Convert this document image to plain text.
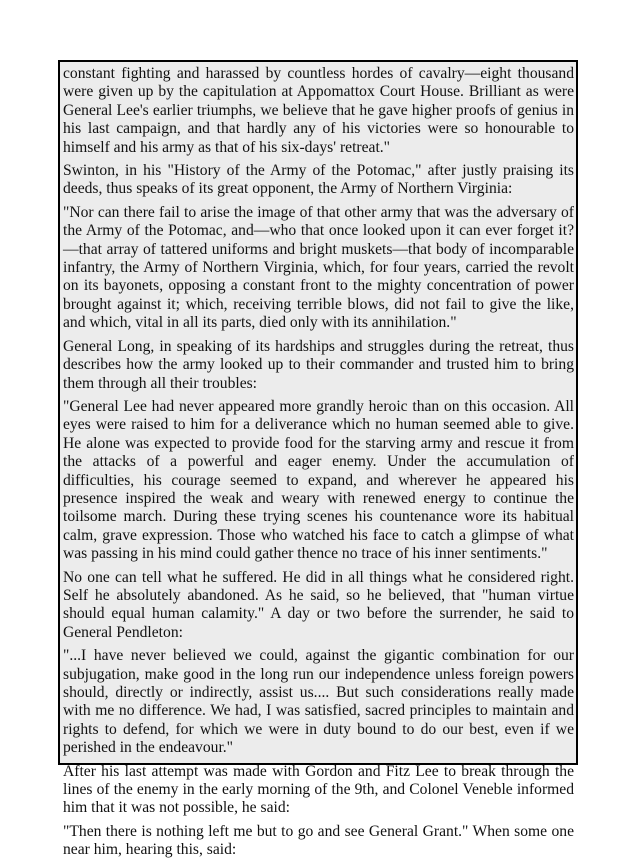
constant fighting and harassed by countless hordes of cavalry—eight thousand were given up by the capitulation at Appomattox Court House. Brilliant as were General Lee's earlier triumphs, we believe that he gave higher proofs of genius in his last campaign, and that hardly any of his victories were so honourable to himself and his army as that of his six-days' retreat."

Swinton, in his "History of the Army of the Potomac," after justly praising its deeds, thus speaks of its great opponent, the Army of Northern Virginia:

"Nor can there fail to arise the image of that other army that was the adversary of the Army of the Potomac, and—who that once looked upon it can ever forget it?—that array of tattered uniforms and bright muskets—that body of incomparable infantry, the Army of Northern Virginia, which, for four years, carried the revolt on its bayonets, opposing a constant front to the mighty concentration of power brought against it; which, receiving terrible blows, did not fail to give the like, and which, vital in all its parts, died only with its annihilation."

General Long, in speaking of its hardships and struggles during the retreat, thus describes how the army looked up to their commander and trusted him to bring them through all their troubles:

"General Lee had never appeared more grandly heroic than on this occasion. All eyes were raised to him for a deliverance which no human seemed able to give. He alone was expected to provide food for the starving army and rescue it from the attacks of a powerful and eager enemy. Under the accumulation of difficulties, his courage seemed to expand, and wherever he appeared his presence inspired the weak and weary with renewed energy to continue the toilsome march. During these trying scenes his countenance wore its habitual calm, grave expression. Those who watched his face to catch a glimpse of what was passing in his mind could gather thence no trace of his inner sentiments."

No one can tell what he suffered. He did in all things what he considered right. Self he absolutely abandoned. As he said, so he believed, that "human virtue should equal human calamity." A day or two before the surrender, he said to General Pendleton:

"...I have never believed we could, against the gigantic combination for our subjugation, make good in the long run our independence unless foreign powers should, directly or indirectly, assist us.... But such considerations really made with me no difference. We had, I was satisfied, sacred principles to maintain and rights to defend, for which we were in duty bound to do our best, even if we perished in the endeavour."

After his last attempt was made with Gordon and Fitz Lee to break through the lines of the enemy in the early morning of the 9th, and Colonel Veneble informed him that it was not possible, he said:

"Then there is nothing left me but to go and see General Grant." When some one near him, hearing this, said:
